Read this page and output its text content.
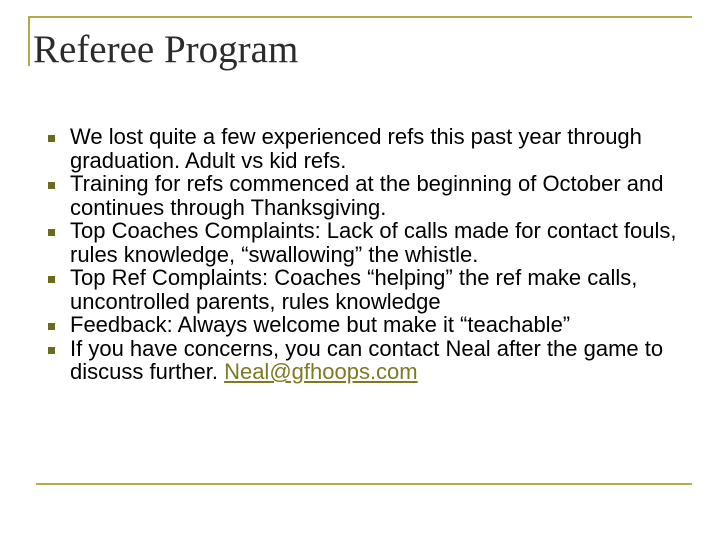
Referee Program
We lost quite a few experienced refs this past year through graduation. Adult vs kid refs.
Training for refs commenced at the beginning of October and continues through Thanksgiving.
Top Coaches Complaints: Lack of calls made for contact fouls, rules knowledge, “swallowing” the whistle.
Top Ref Complaints: Coaches “helping” the ref make calls, uncontrolled parents, rules knowledge
Feedback: Always welcome but make it “teachable”
If you have concerns, you can contact Neal after the game to discuss further. Neal@gfhoops.com
